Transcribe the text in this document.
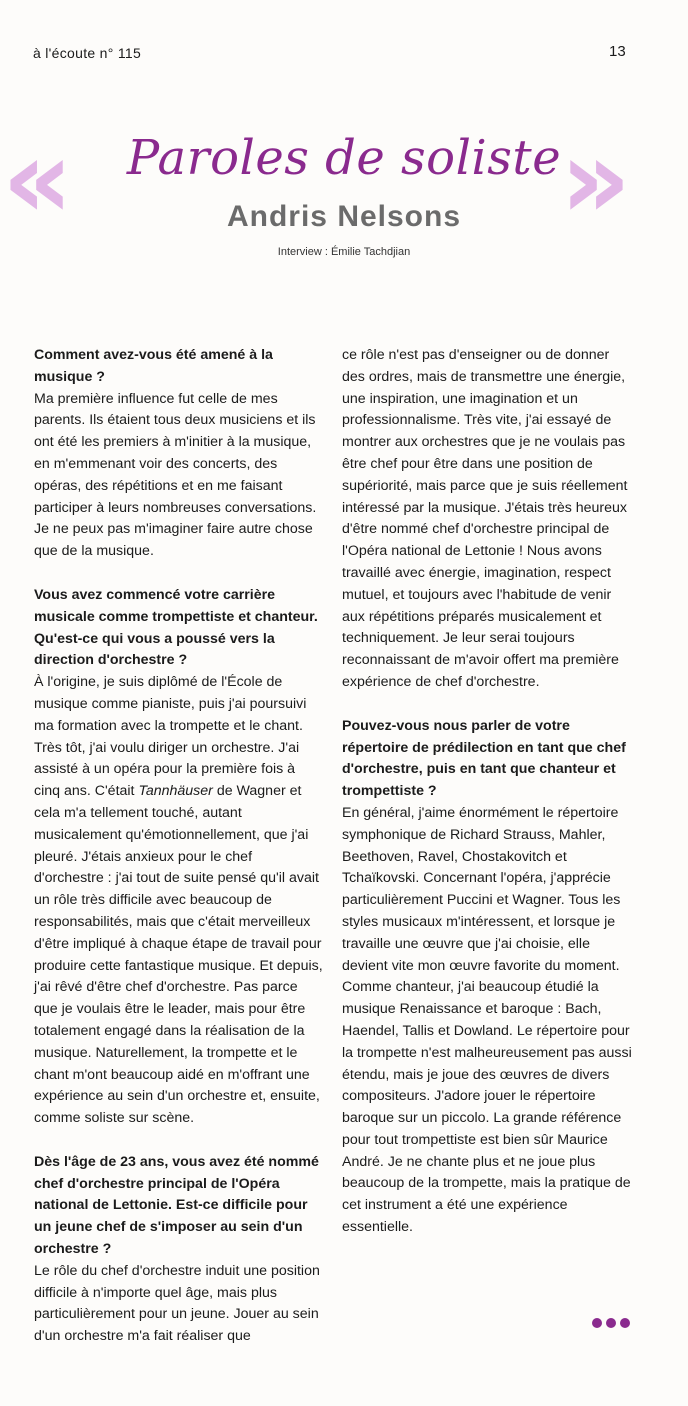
à l'écoute n° 115	13
«	»
Paroles de soliste
Andris Nelsons
Interview : Émilie Tachdjian

Comment avez-vous été amené à la musique ?

Ma première influence fut celle de mes parents. Ils étaient tous deux musiciens et ils ont été les premiers à m'initier à la musique, en m'emmenant voir des concerts, des opéras, des répétitions et en me faisant participer à leurs nombreuses conversations. Je ne peux pas m'imaginer faire autre chose que de la musique.

Vous avez commencé votre carrière musicale comme trompettiste et chanteur. Qu'est-ce qui vous a poussé vers la direction d'orchestre ?

À l'origine, je suis diplômé de l'École de musique comme pianiste, puis j'ai poursuivi ma formation avec la trompette et le chant. Très tôt, j'ai voulu diriger un orchestre. J'ai assisté à un opéra pour la première fois à cinq ans. C'était Tannhäuser de Wagner et cela m'a tellement touché, autant musicalement qu'émotionnellement, que j'ai pleuré. J'étais anxieux pour le chef d'orchestre : j'ai tout de suite pensé qu'il avait un rôle très difficile avec beaucoup de responsabilités, mais que c'était merveilleux d'être impliqué à chaque étape de travail pour produire cette fantastique musique. Et depuis, j'ai rêvé d'être chef d'orchestre. Pas parce que je voulais être le leader, mais pour être totalement engagé dans la réalisation de la musique. Naturellement, la trompette et le chant m'ont beaucoup aidé en m'offrant une expérience au sein d'un orchestre et, ensuite, comme soliste sur scène.

Dès l'âge de 23 ans, vous avez été nommé chef d'orchestre principal de l'Opéra national de Lettonie. Est-ce difficile pour un jeune chef de s'imposer au sein d'un orchestre ?

Le rôle du chef d'orchestre induit une position difficile à n'importe quel âge, mais plus particulièrement pour un jeune. Jouer au sein d'un orchestre m'a fait réaliser que

ce rôle n'est pas d'enseigner ou de donner des ordres, mais de transmettre une énergie, une inspiration, une imagination et un professionnalisme. Très vite, j'ai essayé de montrer aux orchestres que je ne voulais pas être chef pour être dans une position de supériorité, mais parce que je suis réellement intéressé par la musique. J'étais très heureux d'être nommé chef d'orchestre principal de l'Opéra national de Lettonie ! Nous avons travaillé avec énergie, imagination, respect mutuel, et toujours avec l'habitude de venir aux répétitions préparés musicalement et techniquement. Je leur serai toujours reconnaissant de m'avoir offert ma première expérience de chef d'orchestre.

Pouvez-vous nous parler de votre répertoire de prédilection en tant que chef d'orchestre, puis en tant que chanteur et trompettiste ?

En général, j'aime énormément le répertoire symphonique de Richard Strauss, Mahler, Beethoven, Ravel, Chostakovitch et Tchaïkovski. Concernant l'opéra, j'apprécie particulièrement Puccini et Wagner. Tous les styles musicaux m'intéressent, et lorsque je travaille une œuvre que j'ai choisie, elle devient vite mon œuvre favorite du moment. Comme chanteur, j'ai beaucoup étudié la musique Renaissance et baroque : Bach, Haendel, Tallis et Dowland. Le répertoire pour la trompette n'est malheureusement pas aussi étendu, mais je joue des œuvres de divers compositeurs. J'adore jouer le répertoire baroque sur un piccolo. La grande référence pour tout trompettiste est bien sûr Maurice André. Je ne chante plus et ne joue plus beaucoup de la trompette, mais la pratique de cet instrument a été une expérience essentielle.
